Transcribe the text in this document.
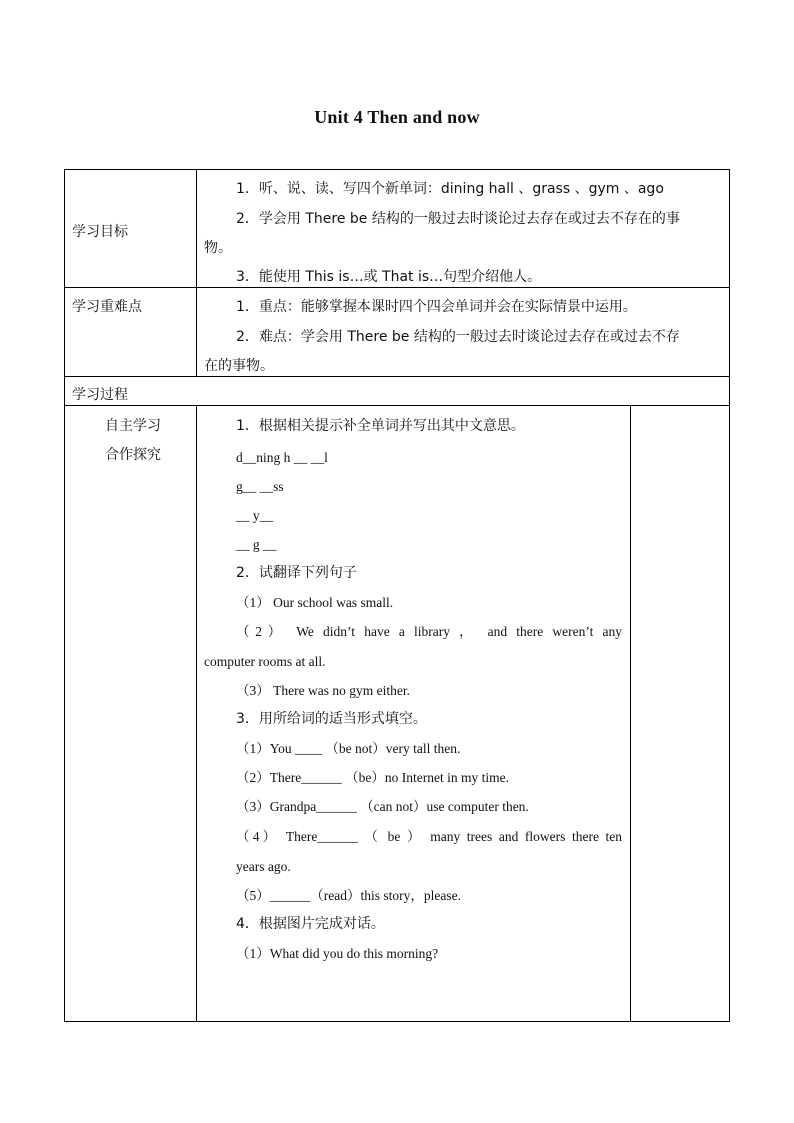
Unit 4 Then and now
学习目标
1．听、说、读、写四个新单词：dining hall 、grass 、gym 、ago
2．学会用 There be 结构的一般过去时谈论过去存在或过去不存在的事
物。
3．能使用 This is…或 That is…句型介绍他人。
学习重难点	1．重点：能够掌握本课时四个四会单词并会在实际情景中运用。
2．难点：学会用 There be 结构的一般过去时谈论过去存在或过去不存
在的事物。
学习过程
自主学习
合作探究
1．根据相关提示补全单词并写出其中文意思。
d__ning h __ __l
g__ __ss
__ y__
__ g __
2．试翻译下列句子
（1） Our school was small.
（2） We didn’t have a library ， and there weren’t any
computer rooms at all.
（3） There was no gym either.
3．用所给词的适当形式填空。
（1）You ____ （be not）very tall then.
（2）There______ （be）no Internet in my time.
（3）Grandpa______ （can not）use computer then.
（4） There______ （ be ） many trees and flowers there ten
years ago.
（5）______（read）this story，please.
4．根据图片完成对话。
（1）What did you do this morning?
